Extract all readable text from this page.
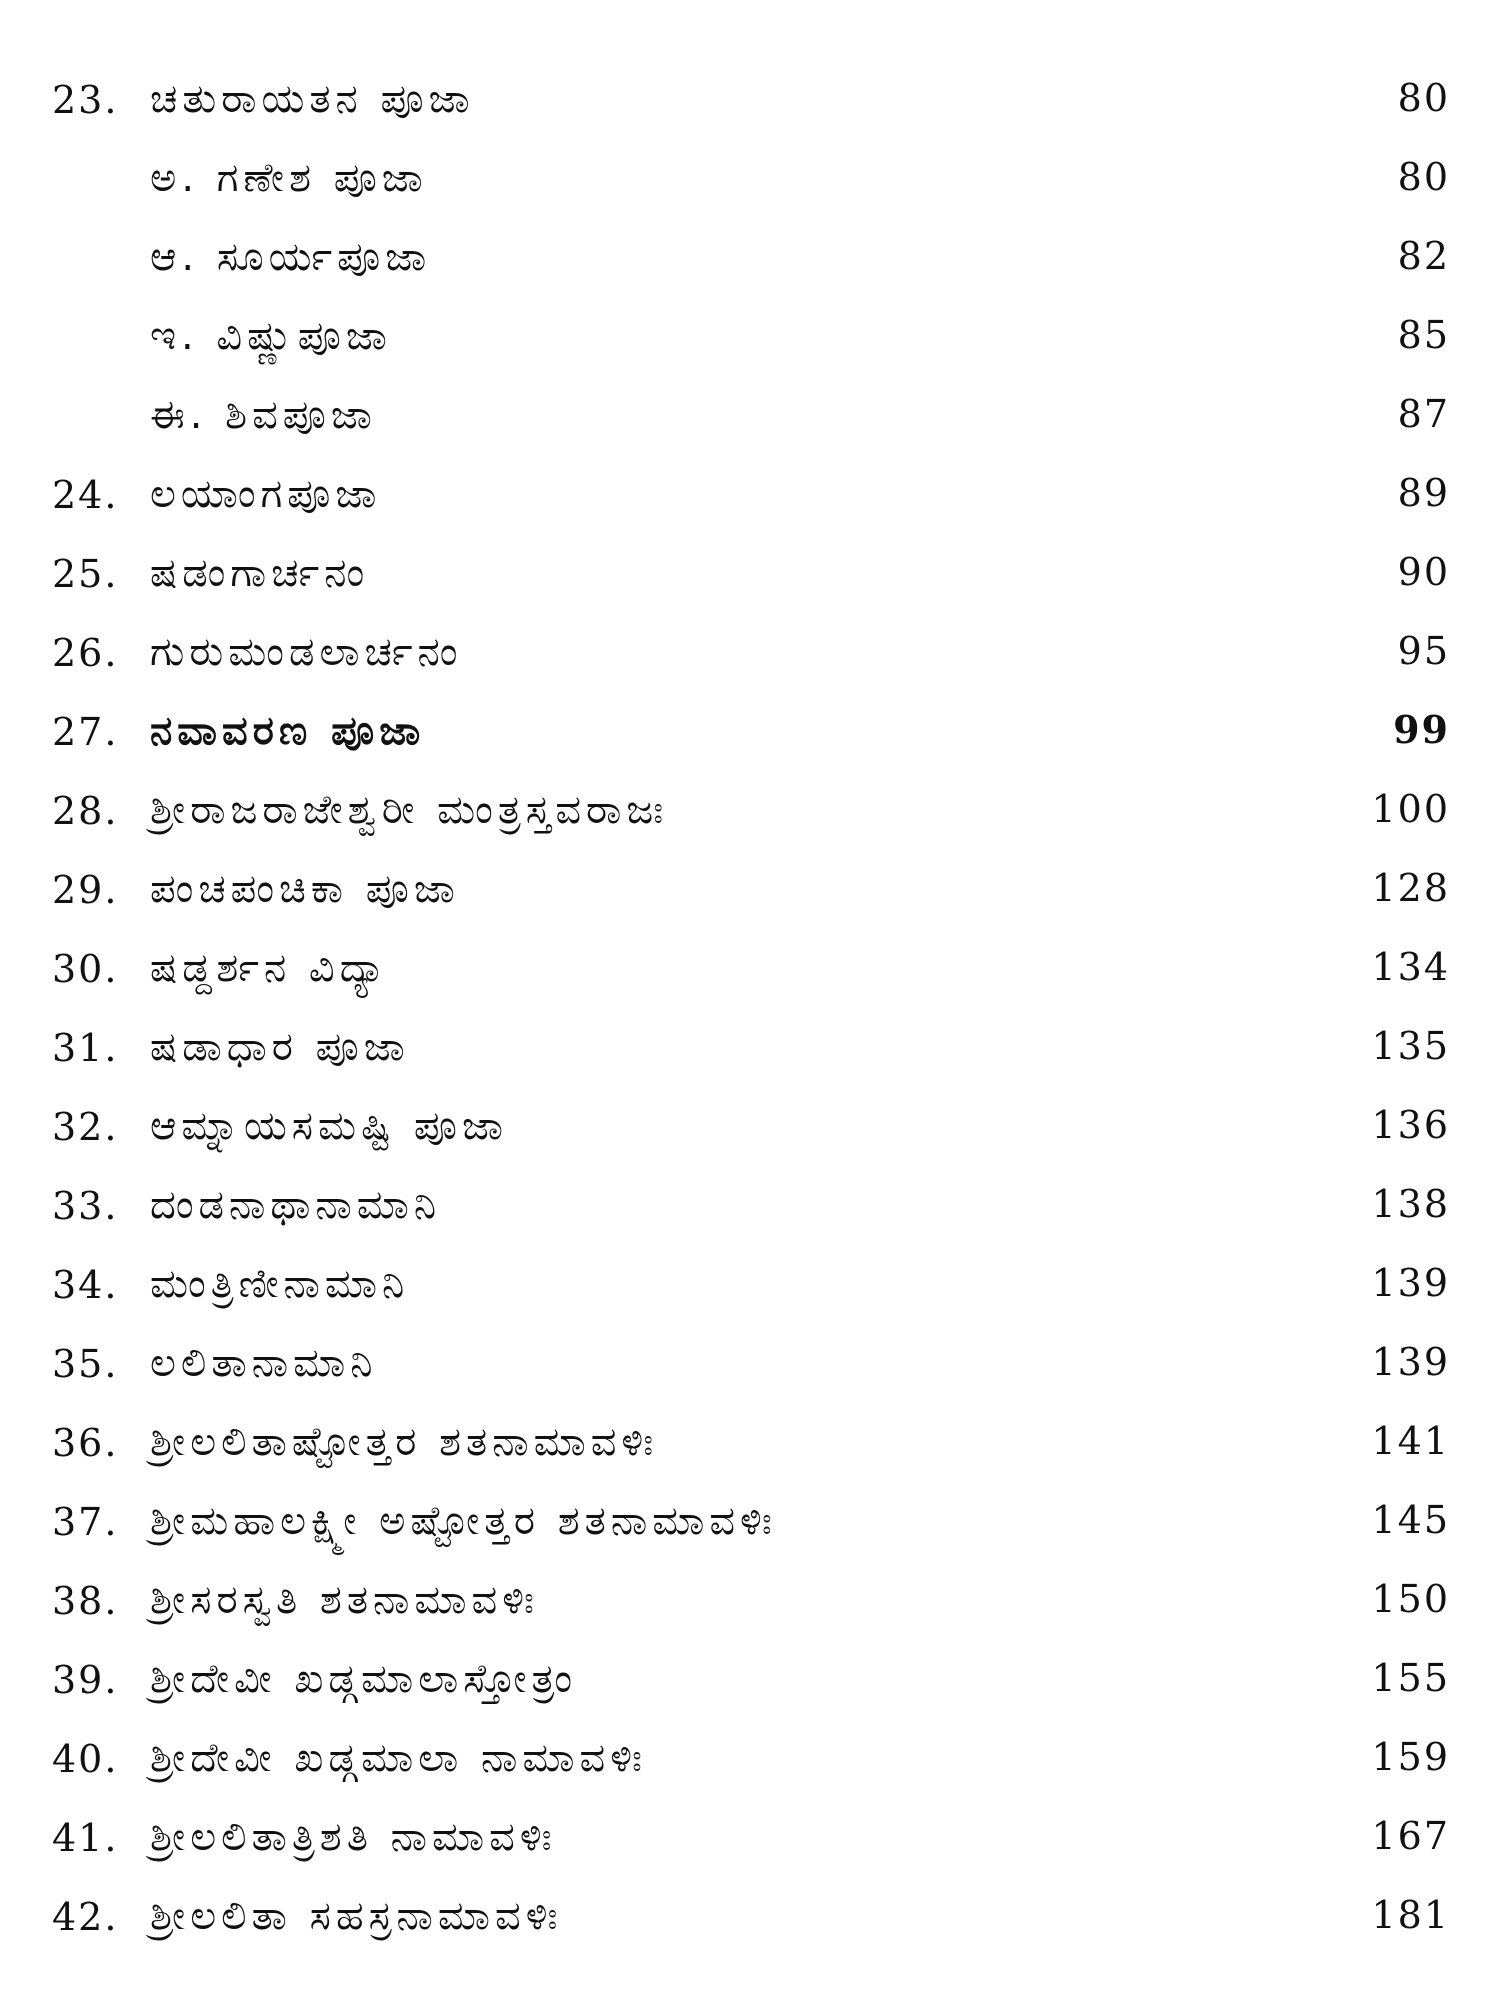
23. ಚತುರಾಯತನ ಪೂಜಾ	80
ಅ. ಗಣೇಶ ಪೂಜಾ	80
ಆ. ಸೂರ್ಯಪೂಜಾ	82
ಇ. ವಿಷ್ಣುಪೂಜಾ	85
ಈ. ಶಿವಪೂಜಾ	87
24. ಲಯಾಂಗಪೂಜಾ	89
25. ಷಡಂಗಾರ್ಚನಂ	90
26. ಗುರುಮಂಡಲಾರ್ಚನಂ	95
27. ನವಾವರಣ ಪೂಜಾ	99
28. ಶ್ರೀರಾಜರಾಜೇಶ್ವರೀ ಮಂತ್ರಸ್ತವರಾಜಃ	100
29. ಪಂಚಪಂಚಿಕಾ ಪೂಜಾ	128
30. ಷಡ್ದರ್ಶನ ವಿದ್ಯಾ	134
31. ಷಡಾಧಾರ ಪೂಜಾ	135
32. ಆಮ್ನಾಯಸಮಷ್ಟಿ ಪೂಜಾ	136
33. ದಂಡನಾಥಾನಾಮಾನಿ	138
34. ಮಂತ್ರಿಣೀನಾಮಾನಿ	139
35. ಲಲಿತಾನಾಮಾನಿ	139
36. ಶ್ರೀಲಲಿತಾಷ್ಟೋತ್ತರ ಶತನಾಮಾವಳಿಃ	141
37. ಶ್ರೀಮಹಾಲಕ್ಷ್ಮೀ ಅಷ್ಟೋತ್ತರ ಶತನಾಮಾವಳಿಃ	145
38. ಶ್ರೀಸರಸ್ವತಿ ಶತನಾಮಾವಳಿಃ	150
39. ಶ್ರೀದೇವೀ ಖಡ್ಗಮಾಲಾಸ್ತೋತ್ರಂ	155
40. ಶ್ರೀದೇವೀ ಖಡ್ಗಮಾಲಾ ನಾಮಾವಳಿಃ	159
41. ಶ್ರೀಲಲಿತಾತ್ರಿಶತಿ ನಾಮಾವಳಿಃ	167
42. ಶ್ರೀಲಲಿತಾ ಸಹಸ್ರನಾಮಾವಳಿಃ	181
